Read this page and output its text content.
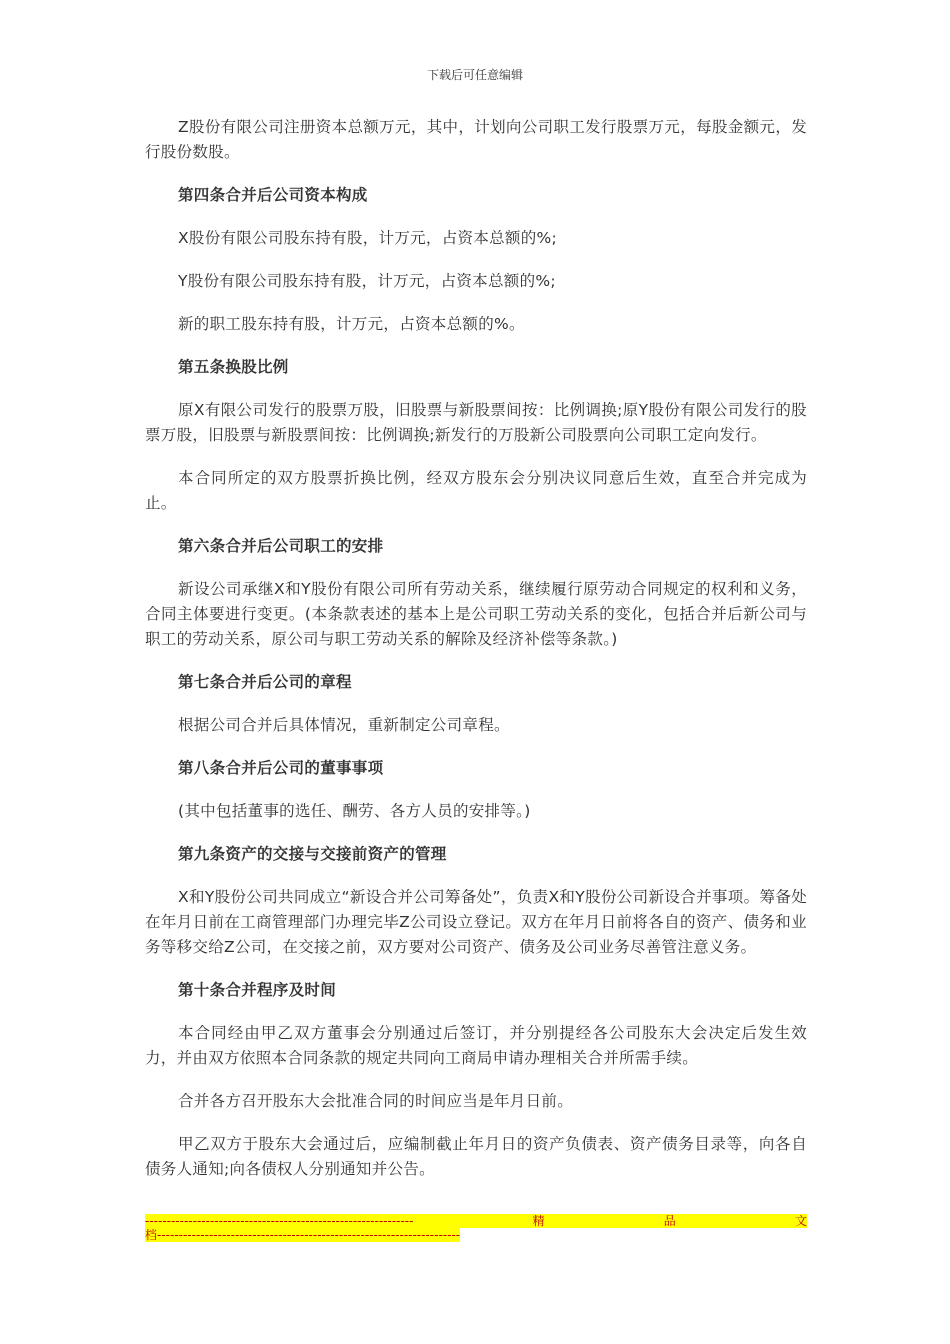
下载后可任意编辑

Z股份有限公司注册资本总额万元，其中，计划向公司职工发行股票万元，每股金额元，发行股份数股。

第四条合并后公司资本构成

X股份有限公司股东持有股，计万元，占资本总额的%;

Y股份有限公司股东持有股，计万元，占资本总额的%;

新的职工股东持有股，计万元，占资本总额的%。

第五条换股比例

原X有限公司发行的股票万股，旧股票与新股票间按：比例调换;原Y股份有限公司发行的股票万股，旧股票与新股票间按：比例调换;新发行的万股新公司股票向公司职工定向发行。

本合同所定的双方股票折换比例，经双方股东会分别决议同意后生效，直至合并完成为止。

第六条合并后公司职工的安排

新设公司承继X和Y股份有限公司所有劳动关系，继续履行原劳动合同规定的权利和义务，合同主体要进行变更。(本条款表述的基本上是公司职工劳动关系的变化，包括合并后新公司与职工的劳动关系，原公司与职工劳动关系的解除及经济补偿等条款。)

第七条合并后公司的章程

根据公司合并后具体情况，重新制定公司章程。

第八条合并后公司的董事事项

(其中包括董事的选任、酬劳、各方人员的安排等。)

第九条资产的交接与交接前资产的管理

X和Y股份公司共同成立“新设合并公司筹备处”，负责X和Y股份公司新设合并事项。筹备处在年月日前在工商管理部门办理完毕Z公司设立登记。双方在年月日前将各自的资产、债务和业务等移交给Z公司，在交接之前，双方要对公司资产、债务及公司业务尽善管注意义务。

第十条合并程序及时间

本合同经由甲乙双方董事会分别通过后签订，并分别提经各公司股东大会决定后发生效力，并由双方依照本合同条款的规定共同向工商局申请办理相关合并所需手续。

合并各方召开股东大会批准合同的时间应当是年月日前。

甲乙双方于股东大会通过后，应编制截止年月日的资产负债表、资产债务目录等，向各自债务人通知;向各债权人分别通知并公告。

--------------------------------------------------------------	精	品	文
档----------------------------------------------------------------------
